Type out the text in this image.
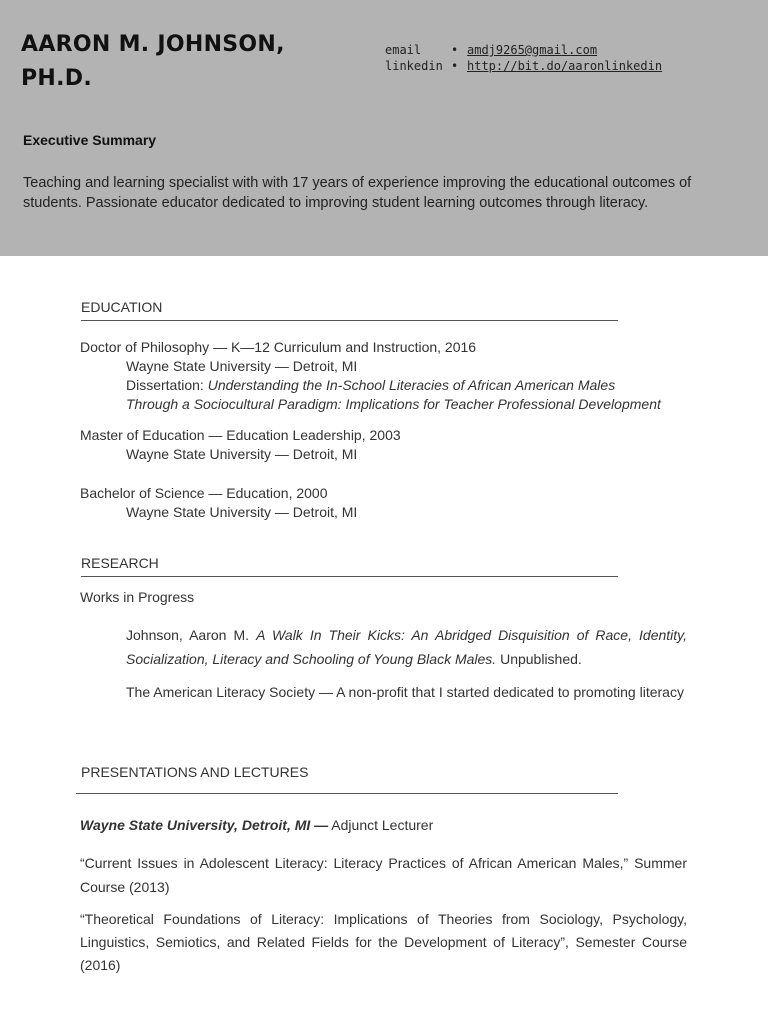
AARON M. JOHNSON, PH.D.
email	• amdj9265@gmail.com
linkedin • http://bit.do/aaronlinkedin
Executive Summary
Teaching and learning specialist with with 17 years of experience improving the educational outcomes of students. Passionate educator dedicated to improving student learning outcomes through literacy.
EDUCATION
Doctor of Philosophy — K—12 Curriculum and Instruction, 2016
Wayne State University — Detroit, MI
Dissertation: Understanding the In-School Literacies of African American Males
Through a Sociocultural Paradigm: Implications for Teacher Professional Development
Master of Education — Education Leadership, 2003
Wayne State University — Detroit, MI
Bachelor of Science — Education, 2000
Wayne State University — Detroit, MI
RESEARCH
Works in Progress
Johnson, Aaron M. A Walk In Their Kicks: An Abridged Disquisition of Race, Identity, Socialization, Literacy and Schooling of Young Black Males. Unpublished.
The American Literacy Society — A non-profit that I started dedicated to promoting literacy
PRESENTATIONS AND LECTURES
Wayne State University, Detroit, MI — Adjunct Lecturer
“Current Issues in Adolescent Literacy: Literacy Practices of African American Males,” Summer Course (2013)
“Theoretical Foundations of Literacy: Implications of Theories from Sociology, Psychology, Linguistics, Semiotics, and Related Fields for the Development of Literacy”, Semester Course (2016)
